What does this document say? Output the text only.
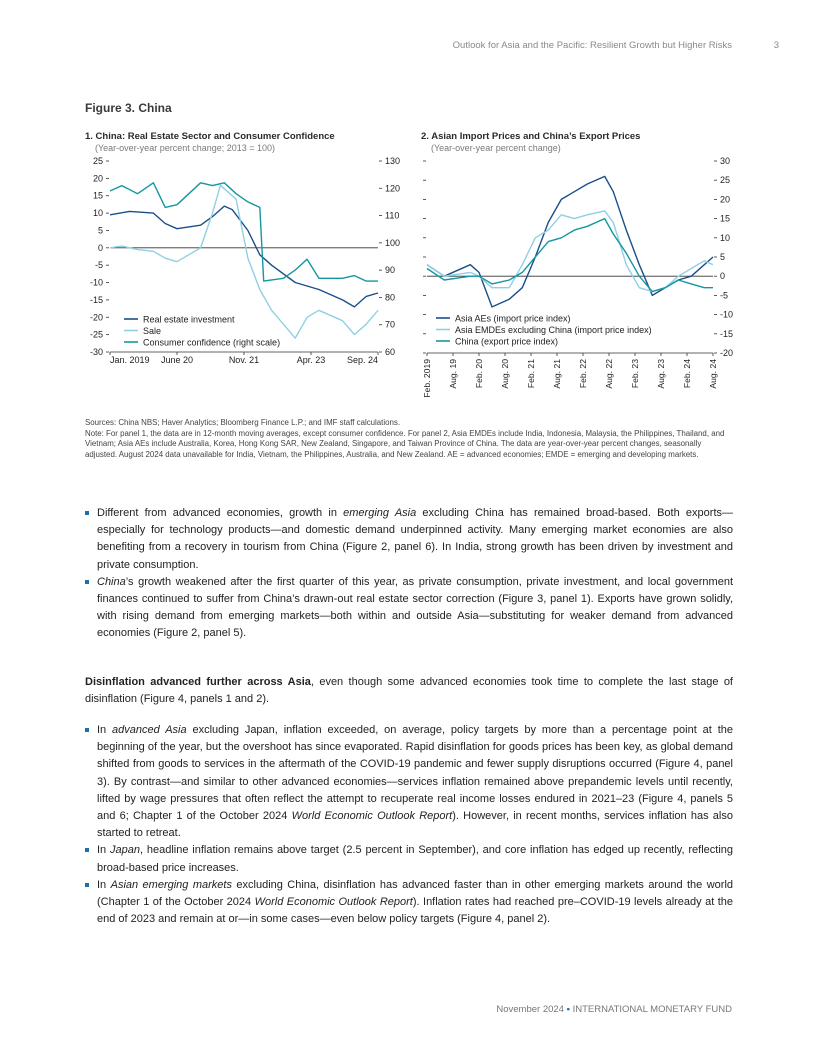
Outlook for Asia and the Pacific: Resilient Growth but Higher Risks	3
Figure 3. China
1. China: Real Estate Sector and Consumer Confidence
(Year-over-year percent change; 2013 = 100)
2. Asian Import Prices and China’s Export Prices
(Year-over-year percent change)
25
20
15
10
5
0
-5
-10
-15
-20
-25
-30
130
120
110
100
90
80
70
60
Jan. 2019 June 20	Nov. 21	Apr. 23 Sep. 24
Real estate investment
Sale
Consumer confidence (right scale)
30
25
20
15
10
5
0
-5
-10
-15
-20
Feb. 2019 Aug. 19 Feb. 20 Aug. 20 Feb. 21 Aug. 21 Feb. 22 Aug. 22 Feb. 23 Aug. 23 Feb. 24 Aug. 24
Asia AEs (import price index)
Asia EMDEs excluding China (import price index)
China (export price index)
Sources: China NBS; Haver Analytics; Bloomberg Finance L.P.; and IMF staff calculations.
Note: For panel 1, the data are in 12-month moving averages, except consumer confidence. For panel 2, Asia EMDEs include India, Indonesia, Malaysia, the Philippines, Thailand, and Vietnam; Asia AEs include Australia, Korea, Hong Kong SAR, New Zealand, Singapore, and Taiwan Province of China. The data are year-over-year percent changes, seasonally adjusted. August 2024 data unavailable for India, Vietnam, the Philippines, Australia, and New Zealand. AE = advanced economies; EMDE = emerging and developing markets.
Different from advanced economies, growth in emerging Asia excluding China has remained broad-based. Both exports—especially for technology products—and domestic demand underpinned activity. Many emerging market economies are also benefiting from a recovery in tourism from China (Figure 2, panel 6). In India, strong growth has been driven by investment and private consumption.
China’s growth weakened after the first quarter of this year, as private consumption, private investment, and local government finances continued to suffer from China’s drawn-out real estate sector correction (Figure 3, panel 1). Exports have grown solidly, with rising demand from emerging markets—both within and outside Asia—substituting for weaker demand from advanced economies (Figure 2, panel 5).

Disinflation advanced further across Asia, even though some advanced economies took time to complete the last stage of disinflation (Figure 4, panels 1 and 2).

In advanced Asia excluding Japan, inflation exceeded, on average, policy targets by more than a percentage point at the beginning of the year, but the overshoot has since evaporated. Rapid disinflation for goods prices has been key, as global demand shifted from goods to services in the aftermath of the COVID-19 pandemic and fewer supply disruptions occurred (Figure 4, panel 3). By contrast—and similar to other advanced economies—services inflation remained above prepandemic levels until recently, lifted by wage pressures that often reflect the attempt to recuperate real income losses endured in 2021–23 (Figure 4, panels 5 and 6; Chapter 1 of the October 2024 World Economic Outlook Report). However, in recent months, services inflation has also started to retreat.
In Japan, headline inflation remains above target (2.5 percent in September), and core inflation has edged up recently, reflecting broad-based price increases.
In Asian emerging markets excluding China, disinflation has advanced faster than in other emerging markets around the world (Chapter 1 of the October 2024 World Economic Outlook Report). Inflation rates had reached pre–COVID-19 levels already at the end of 2023 and remain at or—in some cases—even below policy targets (Figure 4, panel 2).
November 2024 • INTERNATIONAL MONETARY FUND
